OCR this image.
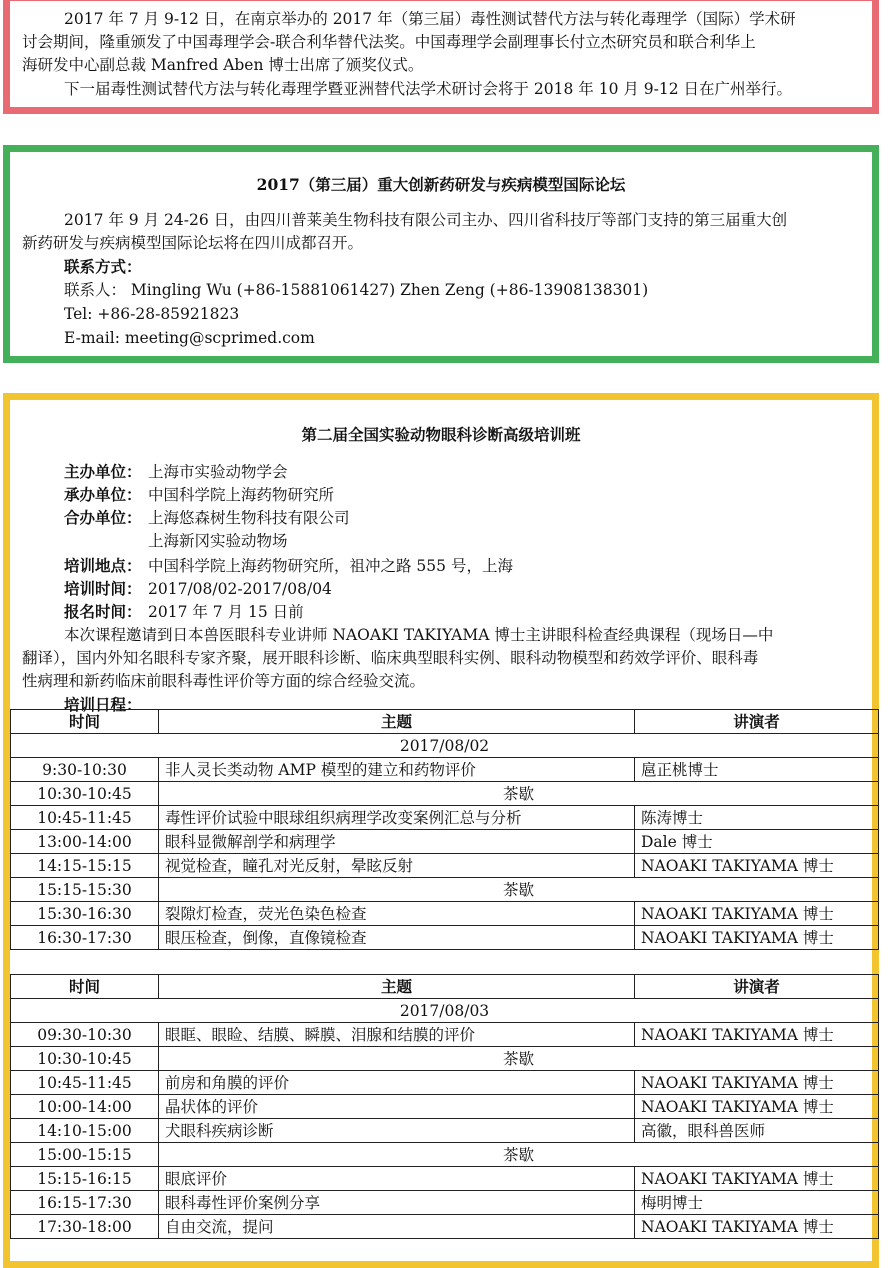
2017 年 7 月 9-12 日，在南京举办的 2017 年（第三届）毒性测试替代方法与转化毒理学（国际）学术研
讨会期间，隆重颁发了中国毒理学会-联合利华替代法奖。中国毒理学会副理事长付立杰研究员和联合利华上
海研发中心副总裁 Manfred Aben 博士出席了颁奖仪式。
下一届毒性测试替代方法与转化毒理学暨亚洲替代法学术研讨会将于 2018 年 10 月 9-12 日在广州举行。
2017（第三届）重大创新药研发与疾病模型国际论坛
2017 年 9 月 24-26 日，由四川普莱美生物科技有限公司主办、四川省科技厅等部门支持的第三届重大创
新药研发与疾病模型国际论坛将在四川成都召开。
联系方式：
联系人： Mingling Wu (+86-15881061427) Zhen Zeng (+86-13908138301)
Tel: +86-28-85921823
E-mail: meeting@scprimed.com
第二届全国实验动物眼科诊断高级培训班
主办单位： 上海市实验动物学会
承办单位： 中国科学院上海药物研究所
合办单位： 上海悠森树生物科技有限公司
上海新冈实验动物场
培训地点： 中国科学院上海药物研究所，祖冲之路 555 号，上海
培训时间： 2017/08/02-2017/08/04
报名时间： 2017 年 7 月 15 日前
本次课程邀请到日本兽医眼科专业讲师 NAOAKI TAKIYAMA 博士主讲眼科检查经典课程（现场日—中
翻译），国内外知名眼科专家齐聚，展开眼科诊断、临床典型眼科实例、眼科动物模型和药效学评价、眼科毒
性病理和新药临床前眼科毒性评价等方面的综合经验交流。
培训日程：
时间	主题	讲演者
2017/08/02		
9:30-10:30	非人灵长类动物 AMP 模型的建立和药物评价	扈正桃博士
10:30-10:45	茶歇	
10:45-11:45	毒性评价试验中眼球组织病理学改变案例汇总与分析	陈涛博士
13:00-14:00	眼科显微解剖学和病理学	Dale 博士
14:15-15:15	视觉检查，瞳孔对光反射，晕眩反射	NAOAKI TAKIYAMA 博士
15:15-15:30	茶歇	
15:30-16:30	裂隙灯检查，荧光色染色检查	NAOAKI TAKIYAMA 博士
16:30-17:30	眼压检查，倒像，直像镜检查	NAOAKI TAKIYAMA 博士
时间	主题	讲演者
2017/08/03		
09:30-10:30	眼眶、眼睑、结膜、瞬膜、泪腺和结膜的评价	NAOAKI TAKIYAMA 博士
10:30-10:45	茶歇	
10:45-11:45	前房和角膜的评价	NAOAKI TAKIYAMA 博士
10:00-14:00	晶状体的评价	NAOAKI TAKIYAMA 博士
14:10-15:00	犬眼科疾病诊断	高徽，眼科兽医师
15:00-15:15	茶歇	
15:15-16:15	眼底评价	NAOAKI TAKIYAMA 博士
16:15-17:30	眼科毒性评价案例分享	梅明博士
17:30-18:00	自由交流，提问	NAOAKI TAKIYAMA 博士
